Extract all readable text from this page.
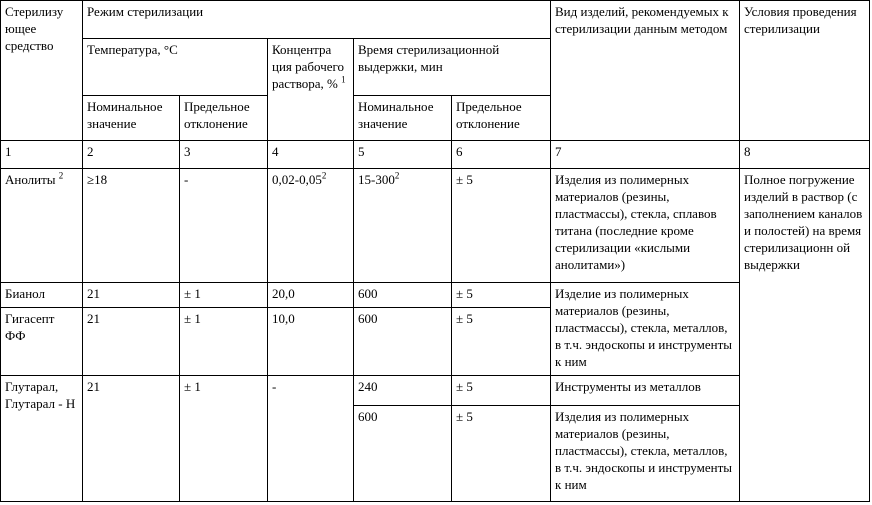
Стерилизу ющее средство	Режим стерилизации					Вид изделий, рекомендуемых к стерилизации данным методом	Условия проведения стерилизации
	Температура, °С		Концентра ция рабочего раствора, % $^1$	Время стерилизационной выдержки, мин			
	Номинальное значение	Предельное отклонение		Номинальное значение	Предельное отклонение		
1	2	3	4	5	6	7	8
Анолиты $^2$	≥18	-	0,02-0,05$^2$	$15-300^2$	± 5	Изделия из полимерных материалов (резины, пластмассы), стекла, сплавов титана (последние кроме стерилизации «кислыми анолитами»)	Полное погружение изделий в раствор (с заполнением каналов и полостей) на время стерилизационн ой выдержки
Бианол	21	± 1	20,0	600	± 5	Изделие из полимерных материалов (резины, пластмассы), стекла, металлов, в т.ч. эндоскопы и инструменты к ним	
Гигасепт ФФ	21	± 1	10,0	600	± 5		
Глутарал, Глутарал - Н	21	± 1	-	240	± 5	Инструменты из металлов	
				600	± 5	Изделия из полимерных материалов (резины, пластмассы), стекла, металлов, в т.ч. эндоскопы и инструменты к ним	
